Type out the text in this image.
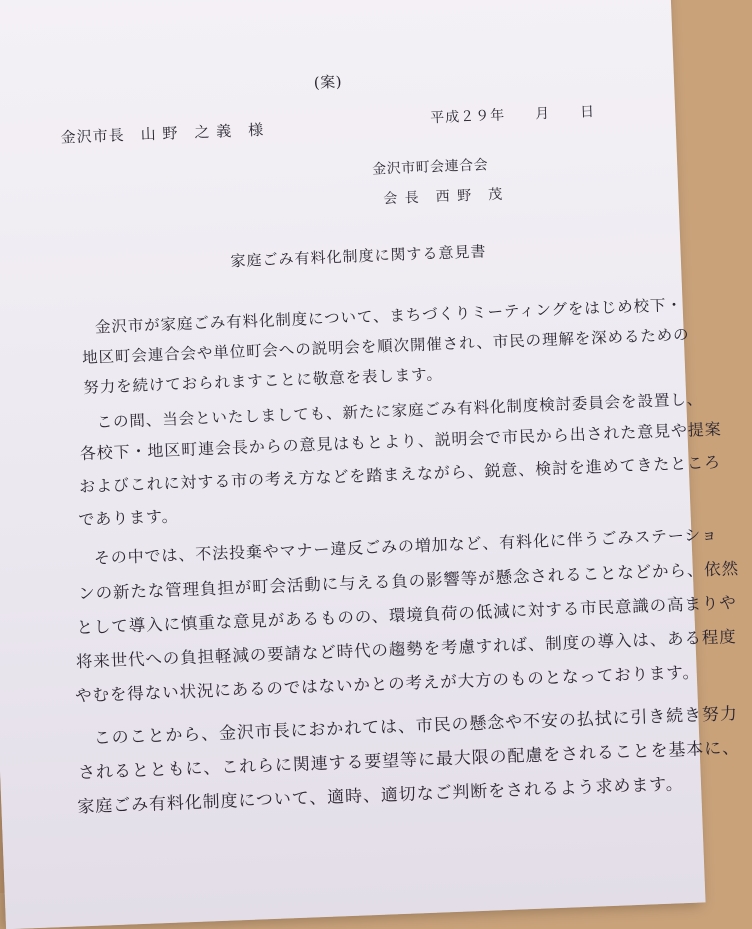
(案)
金沢市長　山 野　之 義　様
平成２９年　　月　　日
金沢市町会連合会
会 長　西 野　茂
家庭ごみ有料化制度に関する意見書
金沢市が家庭ごみ有料化制度について、まちづくりミーティングをはじめ校下・
地区町会連合会や単位町会への説明会を順次開催され、市民の理解を深めるための
努力を続けておられますことに敬意を表します。
この間、当会といたしましても、新たに家庭ごみ有料化制度検討委員会を設置し、
各校下・地区町連会長からの意見はもとより、説明会で市民から出された意見や提案
およびこれに対する市の考え方などを踏まえながら、鋭意、検討を進めてきたところ
であります。
その中では、不法投棄やマナー違反ごみの増加など、有料化に伴うごみステーショ
ンの新たな管理負担が町会活動に与える負の影響等が懸念されることなどから、依然
として導入に慎重な意見があるものの、環境負荷の低減に対する市民意識の高まりや
将来世代への負担軽減の要請など時代の趨勢を考慮すれば、制度の導入は、ある程度
やむを得ない状況にあるのではないかとの考えが大方のものとなっております。
このことから、金沢市長におかれては、市民の懸念や不安の払拭に引き続き努力
されるとともに、これらに関連する要望等に最大限の配慮をされることを基本に、
家庭ごみ有料化制度について、適時、適切なご判断をされるよう求めます。
